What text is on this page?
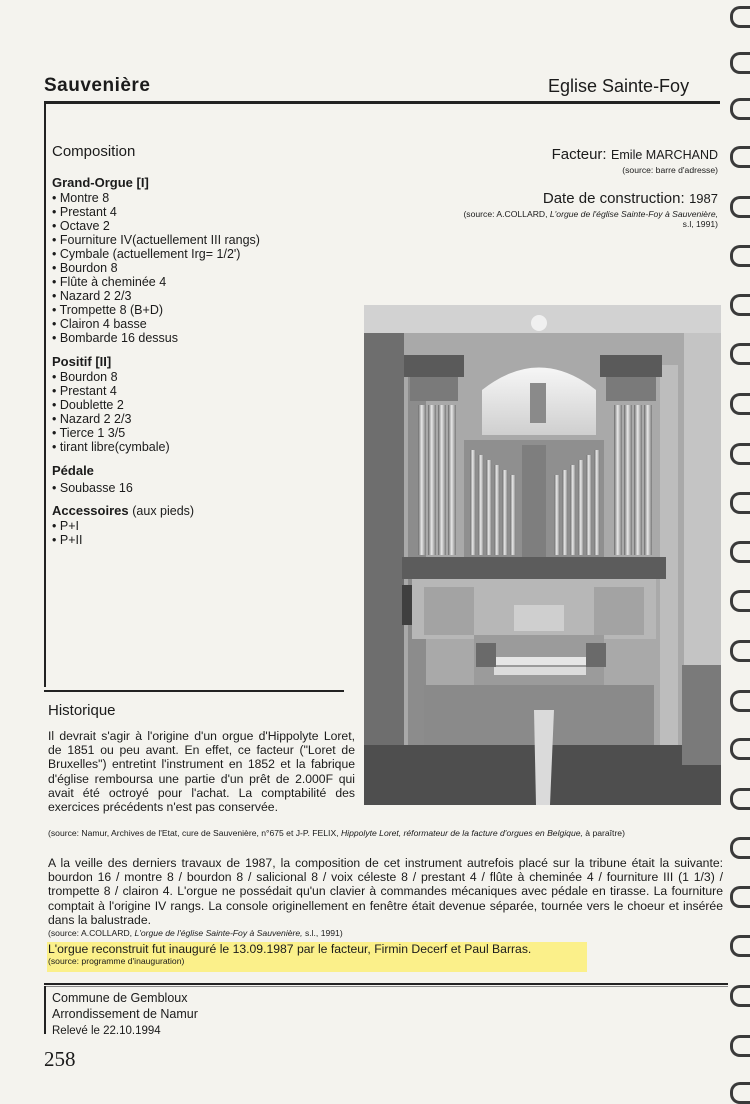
Sauvenière	Eglise Sainte-Foy
Composition
Grand-Orgue [I]
• Montre 8
• Prestant 4
• Octave 2
• Fourniture IV(actuellement III rangs)
• Cymbale (actuellement Irg= 1/2')
• Bourdon 8
• Flûte à cheminée 4
• Nazard 2 2/3
• Trompette 8 (B+D)
• Clairon 4 basse
• Bombarde 16 dessus
Positif [II]
• Bourdon 8
• Prestant 4
• Doublette 2
• Nazard 2 2/3
• Tierce 1 3/5
• tirant libre(cymbale)
Pédale
• Soubasse 16
Accessoires (aux pieds)
• P+I
• P+II
Facteur: Emile MARCHAND
(source: barre d'adresse)
Date de construction: 1987
(source: A.COLLARD, L'orgue de l'église Sainte-Foy à Sauvenière,
s.l, 1991)
Historique
Il devrait s'agir à l'origine d'un orgue d'Hippolyte Loret, de 1851 ou peu avant. En effet, ce facteur ("Loret de Bruxelles") entretint l'instrument en 1852 et la fabrique d'église remboursa une partie d'un prêt de 2.000F qui avait été octroyé pour l'achat. La comptabilité des exercices précédents n'est pas conservée.
(source: Namur, Archives de l'Etat, cure de Sauvenière, n°675 et J-P. FELIX, Hippolyte Loret, réformateur de la facture d'orgues en Belgique, à paraître)
A la veille des derniers travaux de 1987, la composition de cet instrument autrefois placé sur la tribune était la suivante: bourdon 16 / montre 8 / bourdon 8 / salicional 8 / voix céleste 8 / prestant 4 / flûte à cheminée 4 / fourniture III (1 1/3) / trompette 8 / clairon 4. L'orgue ne possédait qu'un clavier à commandes mécaniques avec pédale en tirasse. La fourniture comptait à l'origine IV rangs. La console originellement en fenêtre était devenue séparée, tournée vers le choeur et insérée dans la balustrade.
(source: A.COLLARD, L'orgue de l'église Sainte-Foy à Sauvenière, s.l., 1991)
L'orgue reconstruit fut inauguré le 13.09.1987 par le facteur, Firmin Decerf et Paul Barras.
(source: programme d'inauguration)
Commune de Gembloux
Arrondissement de Namur
Relevé le 22.10.1994
258
